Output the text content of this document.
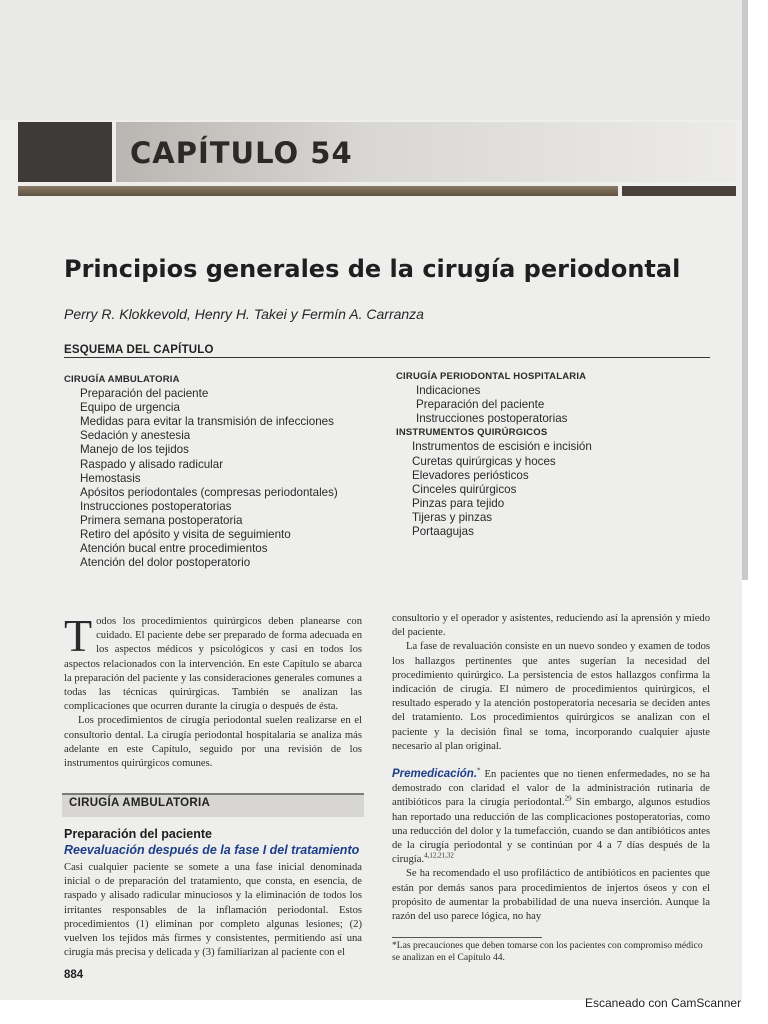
CAPÍTULO 54
Principios generales de la cirugía periodontal
Perry R. Klokkevold, Henry H. Takei y Fermín A. Carranza
ESQUEMA DEL CAPÍTULO
CIRUGÍA AMBULATORIA
Preparación del paciente
Equipo de urgencia
Medidas para evitar la transmisión de infecciones
Sedación y anestesia
Manejo de los tejidos
Raspado y alisado radicular
Hemostasis
Apósitos periodontales (compresas periodontales)
Instrucciones postoperatorias
Primera semana postoperatoria
Retiro del apósito y visita de seguimiento
Atención bucal entre procedimientos
Atención del dolor postoperatorio
CIRUGÍA PERIODONTAL HOSPITALARIA
Indicaciones
Preparación del paciente
Instrucciones postoperatorias
INSTRUMENTOS QUIRÚRGICOS
Instrumentos de escisión e incisión
Curetas quirúrgicas y hoces
Elevadores periósticos
Cinceles quirúrgicos
Pinzas para tejido
Tijeras y pinzas
Portaagujas

Todos los procedimientos quirúrgicos deben planearse con cuidado. El paciente debe ser preparado de forma adecuada en los aspectos médicos y psicológicos y casi en todos los aspectos relacionados con la intervención. En este Capítulo se abarca la preparación del paciente y las consideraciones generales comunes a todas las técnicas quirúrgicas. También se analizan las complicaciones que ocurren durante la cirugía o después de ésta.

Los procedimientos de cirugía periodontal suelen realizarse en el consultorio dental. La cirugía periodontal hospitalaria se analiza más adelante en este Capítulo, seguido por una revisión de los instrumentos quirúrgicos comunes.

CIRUGÍA AMBULATORIA
Preparación del paciente
Reevaluación después de la fase I del tratamiento

Casi cualquier paciente se somete a una fase inicial denominada inicial o de preparación del tratamiento, que consta, en esencia, de raspado y alisado radicular minuciosos y la eliminación de todos los irritantes responsables de la inflamación periodontal. Estos procedimientos (1) eliminan por completo algunas lesiones; (2) vuelven los tejidos más firmes y consistentes, permitiendo así una cirugía más precisa y delicada y (3) familiarizan al paciente con el

consultorio y el operador y asistentes, reduciendo así la aprensión y miedo del paciente.

La fase de revaluación consiste en un nuevo sondeo y examen de todos los hallazgos pertinentes que antes sugerían la necesidad del procedimiento quirúrgico. La persistencia de estos hallazgos confirma la indicación de cirugía. El número de procedimientos quirúrgicos, el resultado esperado y la atención postoperatoria necesaria se deciden antes del tratamiento. Los procedimientos quirúrgicos se analizan con el paciente y la decisión final se toma, incorporando cualquier ajuste necesario al plan original.

Premedicación.* En pacientes que no tienen enfermedades, no se ha demostrado con claridad el valor de la administración rutinaria de antibióticos para la cirugía periodontal.$^{29}$ Sin embargo, algunos estudios han reportado una reducción de las complicaciones postoperatorias, como una reducción del dolor y la tumefacción, cuando se dan antibióticos antes de la cirugía periodontal y se continúan por 4 a 7 días después de la cirugía.$^{4,12,21,32}$

Se ha recomendado el uso profiláctico de antibióticos en pacientes que están por demás sanos para procedimientos de injertos óseos y con el propósito de aumentar la probabilidad de una nueva inserción. Aunque la razón del uso parece lógica, no hay

*Las precauciones que deben tomarse con los pacientes con compromiso médico se analizan en el Capítulo 44.
884
Escaneado con CamScanner
